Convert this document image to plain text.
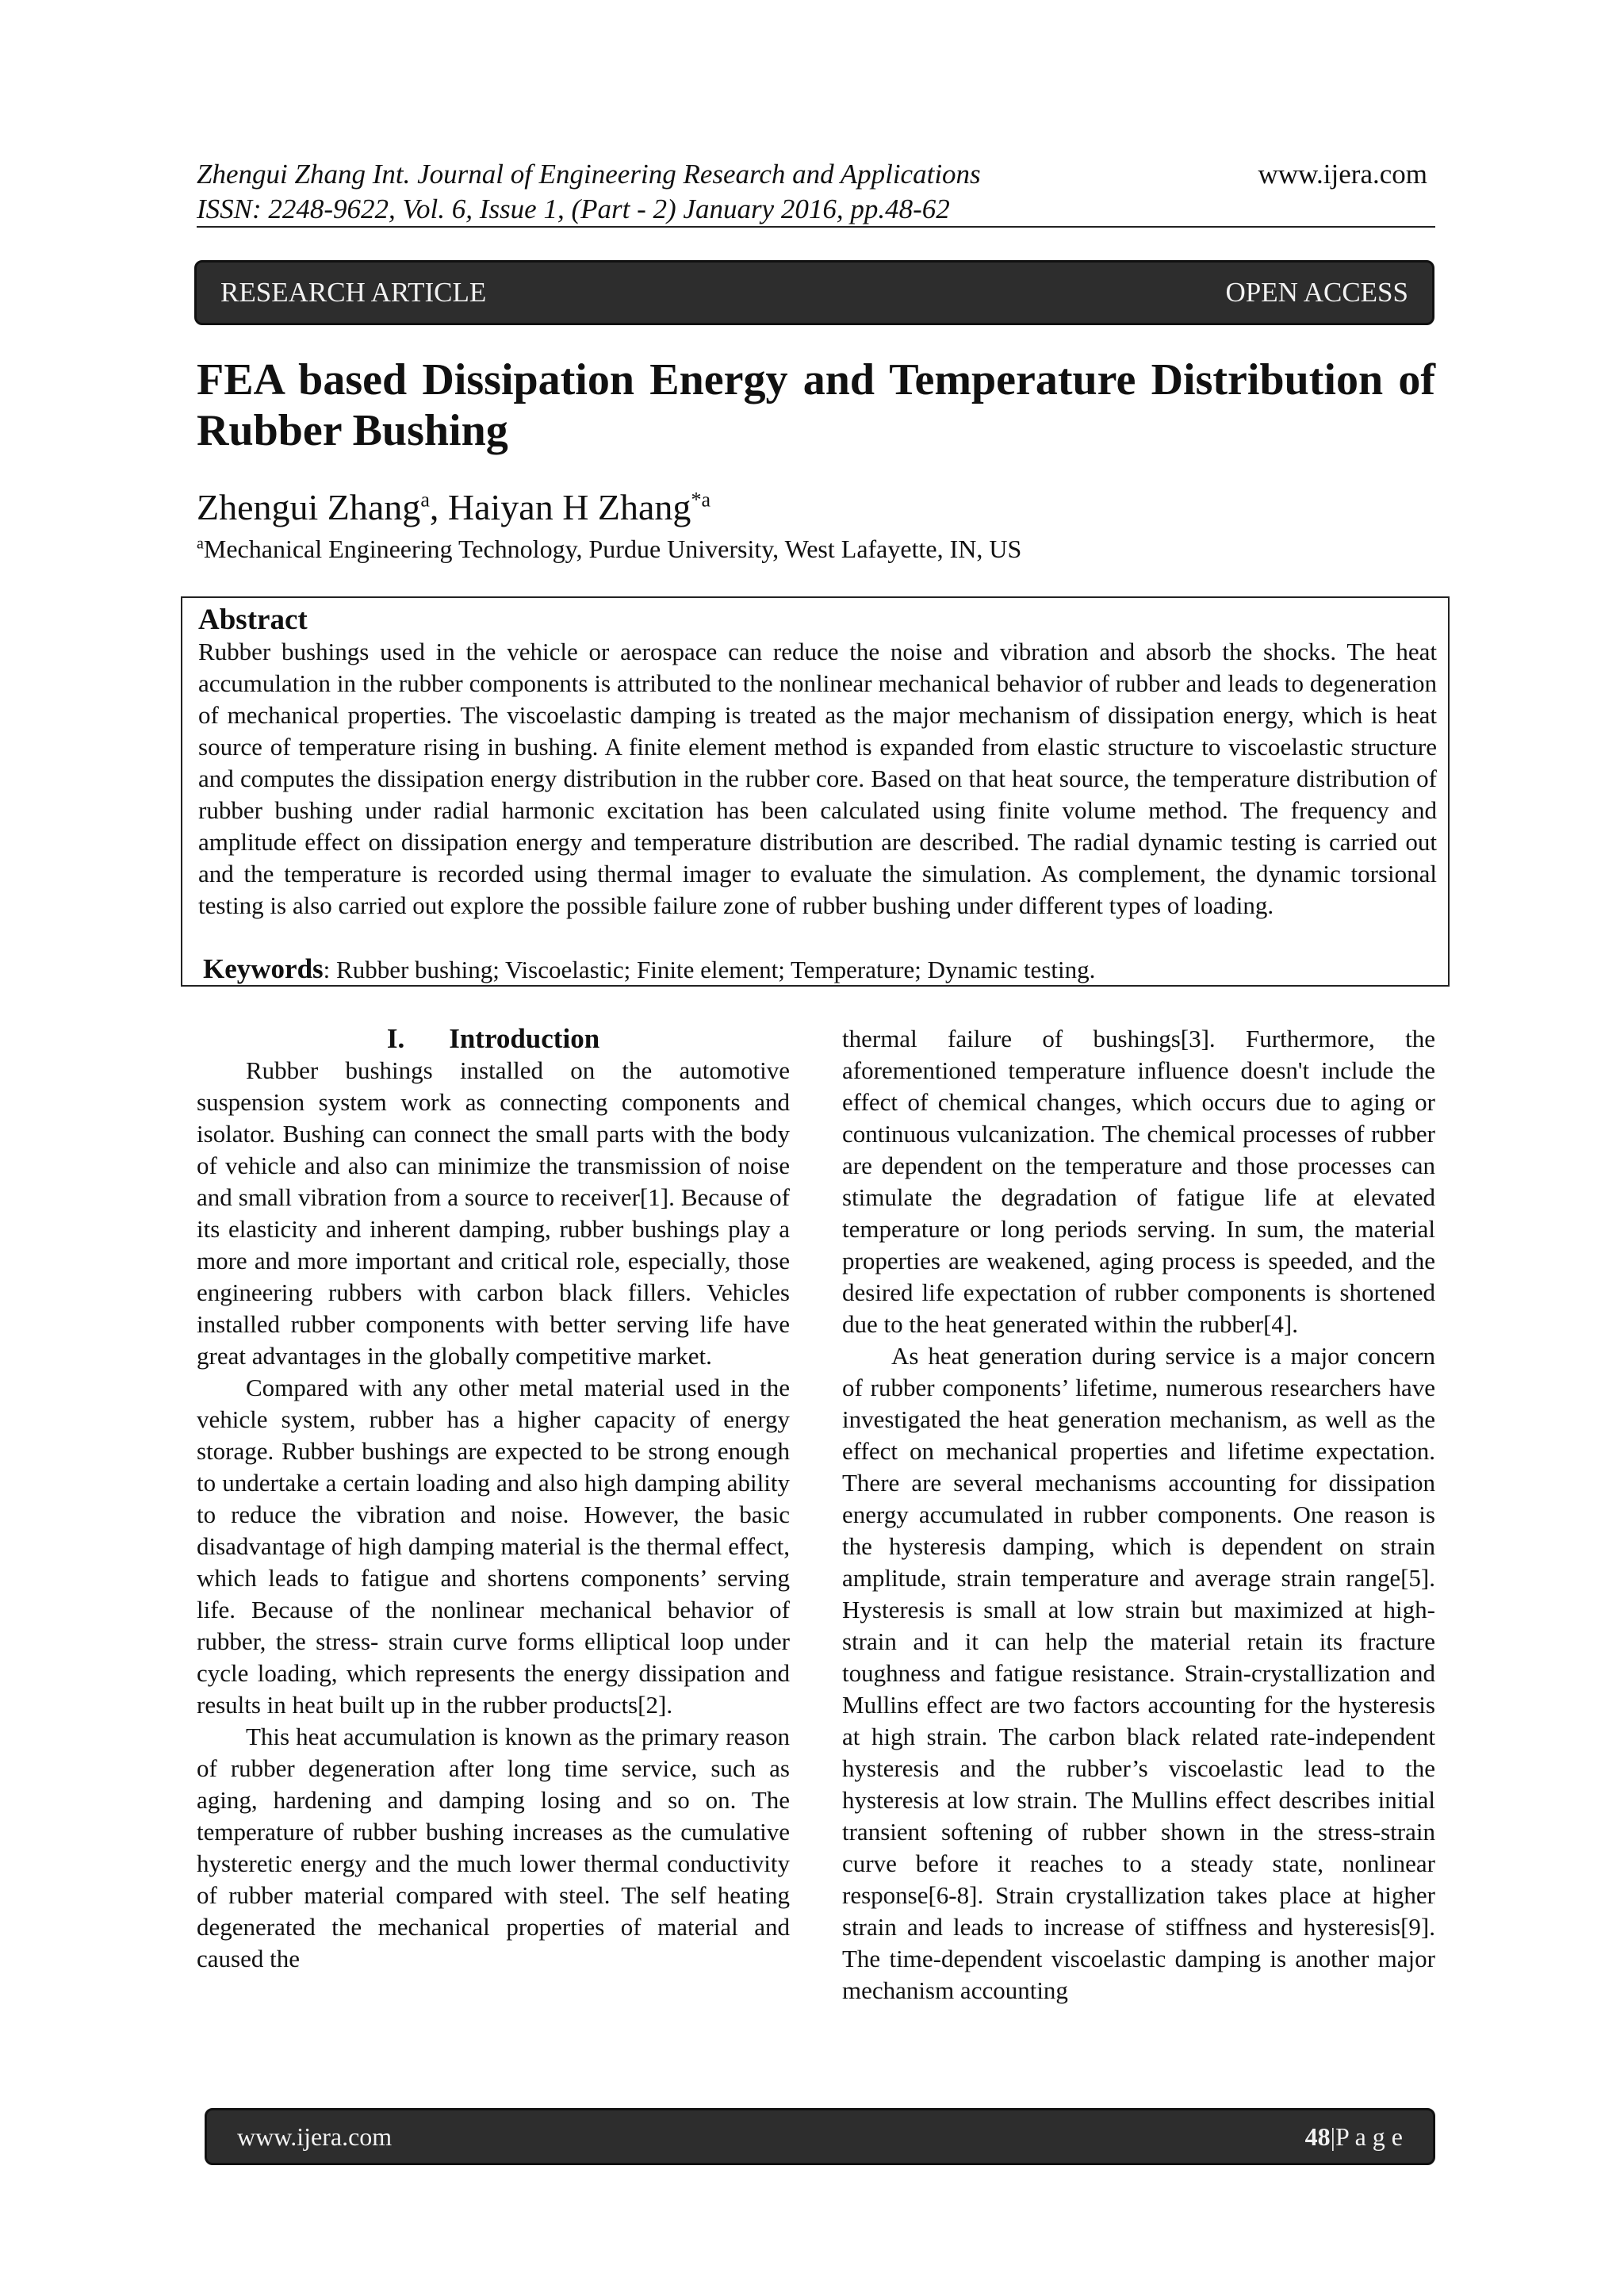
Zhengui Zhang Int. Journal of Engineering Research and Applications
ISSN: 2248-9622, Vol. 6, Issue 1, (Part - 2) January 2016, pp.48-62
www.ijera.com
RESEARCH ARTICLE	OPEN ACCESS
FEA based Dissipation Energy and Temperature Distribution of
Rubber Bushing
Zhengui Zhang$^a$, Haiyan H Zhang$^{*a}$
$^a$Mechanical Engineering Technology, Purdue University, West Lafayette, IN, US
Abstract

Rubber bushings used in the vehicle or aerospace can reduce the noise and vibration and absorb the shocks. The heat accumulation in the rubber components is attributed to the nonlinear mechanical behavior of rubber and leads to degeneration of mechanical properties. The viscoelastic damping is treated as the major mechanism of dissipation energy, which is heat source of temperature rising in bushing. A finite element method is expanded from elastic structure to viscoelastic structure and computes the dissipation energy distribution in the rubber core. Based on that heat source, the temperature distribution of rubber bushing under radial harmonic excitation has been calculated using finite volume method. The frequency and amplitude effect on dissipation energy and temperature distribution are described. The radial dynamic testing is carried out and the temperature is recorded using thermal imager to evaluate the simulation. As complement, the dynamic torsional testing is also carried out explore the possible failure zone of rubber bushing under different types of loading.

Keywords: Rubber bushing; Viscoelastic; Finite element; Temperature; Dynamic testing.
I. Introduction

Rubber bushings installed on the automotive suspension system work as connecting components and isolator. Bushing can connect the small parts with the body of vehicle and also can minimize the transmission of noise and small vibration from a source to receiver[1]. Because of its elasticity and inherent damping, rubber bushings play a more and more important and critical role, especially, those engineering rubbers with carbon black fillers. Vehicles installed rubber components with better serving life have great advantages in the globally competitive market.

Compared with any other metal material used in the vehicle system, rubber has a higher capacity of energy storage. Rubber bushings are expected to be strong enough to undertake a certain loading and also high damping ability to reduce the vibration and noise. However, the basic disadvantage of high damping material is the thermal effect, which leads to fatigue and shortens components’ serving life. Because of the nonlinear mechanical behavior of rubber, the stress- strain curve forms elliptical loop under cycle loading, which represents the energy dissipation and results in heat built up in the rubber products[2].

This heat accumulation is known as the primary reason of rubber degeneration after long time service, such as aging, hardening and damping losing and so on. The temperature of rubber bushing increases as the cumulative hysteretic energy and the much lower thermal conductivity of rubber material compared with steel. The self heating degenerated the mechanical properties of material and caused the

thermal failure of bushings[3]. Furthermore, the aforementioned temperature influence doesn't include the effect of chemical changes, which occurs due to aging or continuous vulcanization. The chemical processes of rubber are dependent on the temperature and those processes can stimulate the degradation of fatigue life at elevated temperature or long periods serving. In sum, the material properties are weakened, aging process is speeded, and the desired life expectation of rubber components is shortened due to the heat generated within the rubber[4].

As heat generation during service is a major concern of rubber components’ lifetime, numerous researchers have investigated the heat generation mechanism, as well as the effect on mechanical properties and lifetime expectation. There are several mechanisms accounting for dissipation energy accumulated in rubber components. One reason is the hysteresis damping, which is dependent on strain amplitude, strain temperature and average strain range[5]. Hysteresis is small at low strain but maximized at high-strain and it can help the material retain its fracture toughness and fatigue resistance. Strain-crystallization and Mullins effect are two factors accounting for the hysteresis at high strain. The carbon black related rate-independent hysteresis and the rubber’s viscoelastic lead to the hysteresis at low strain. The Mullins effect describes initial transient softening of rubber shown in the stress-strain curve before it reaches to a steady state, nonlinear response[6-8]. Strain crystallization takes place at higher strain and leads to increase of stiffness and hysteresis[9]. The time-dependent viscoelastic damping is another major mechanism accounting

www.ijera.com	48|P a g e
